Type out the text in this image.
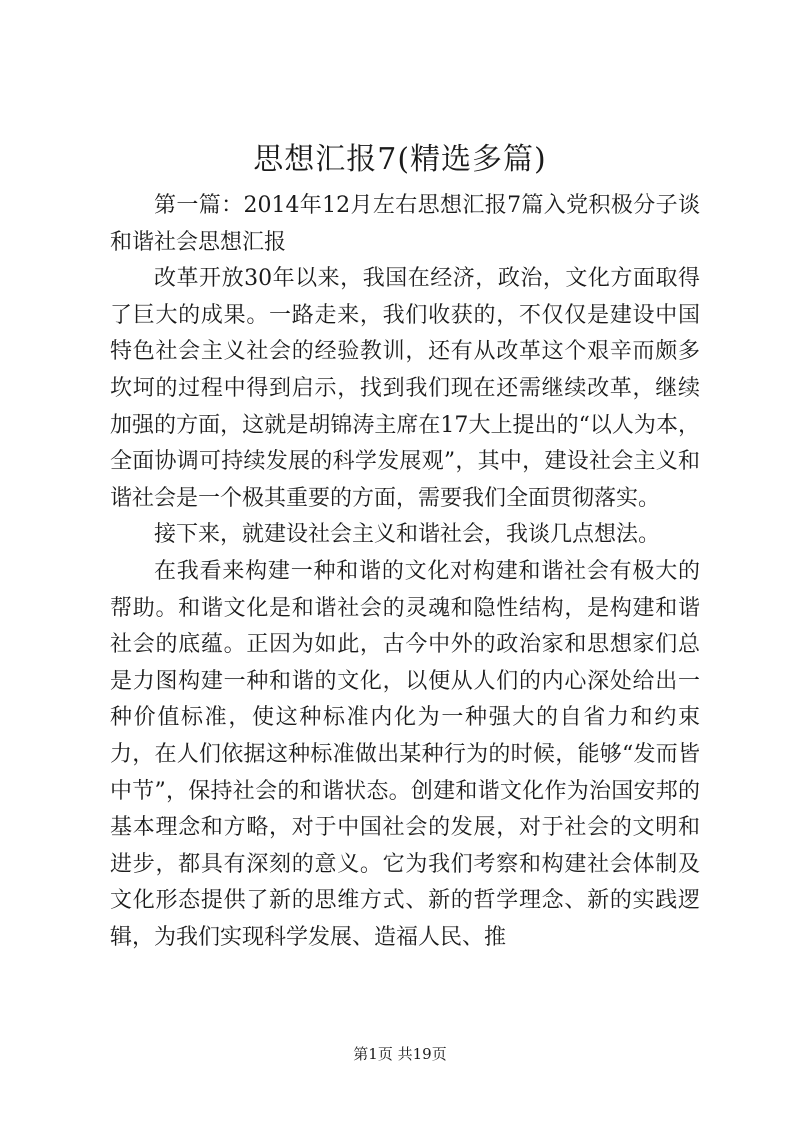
思想汇报7(精选多篇)

第一篇：2014年12月左右思想汇报7篇入党积极分子谈和谐社会思想汇报

改革开放30年以来，我国在经济，政治，文化方面取得了巨大的成果。一路走来，我们收获的，不仅仅是建设中国特色社会主义社会的经验教训，还有从改革这个艰辛而颇多坎坷的过程中得到启示，找到我们现在还需继续改革，继续加强的方面，这就是胡锦涛主席在17大上提出的“以人为本，全面协调可持续发展的科学发展观”，其中，建设社会主义和谐社会是一个极其重要的方面，需要我们全面贯彻落实。

接下来，就建设社会主义和谐社会，我谈几点想法。

在我看来构建一种和谐的文化对构建和谐社会有极大的帮助。和谐文化是和谐社会的灵魂和隐性结构，是构建和谐社会的底蕴。正因为如此，古今中外的政治家和思想家们总是力图构建一种和谐的文化，以便从人们的内心深处给出一种价值标准，使这种标准内化为一种强大的自省力和约束力，在人们依据这种标准做出某种行为的时候，能够“发而皆中节”，保持社会的和谐状态。创建和谐文化作为治国安邦的基本理念和方略，对于中国社会的发展，对于社会的文明和进步，都具有深刻的意义。它为我们考察和构建社会体制及文化形态提供了新的思维方式、新的哲学理念、新的实践逻辑，为我们实现科学发展、造福人民、推

第1页 共19页
